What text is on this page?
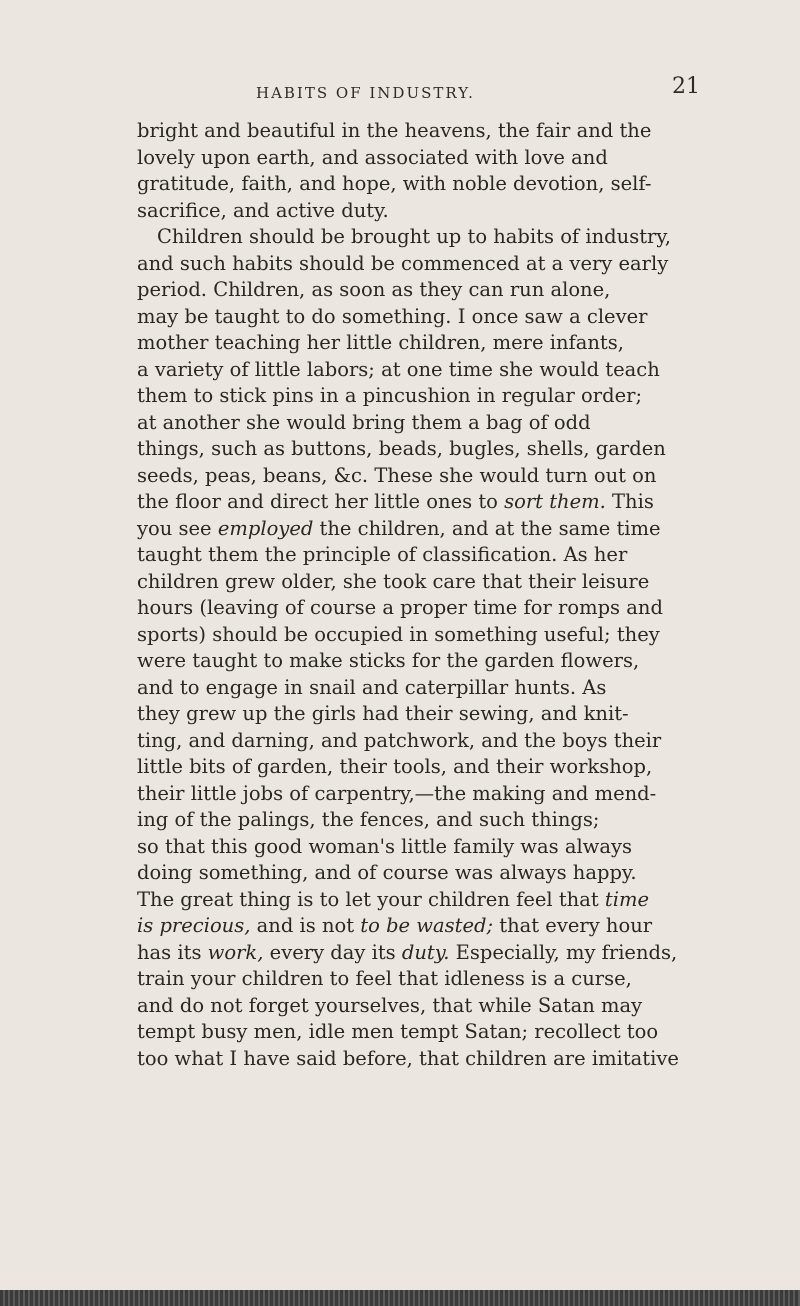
HABITS OF INDUSTRY.	21
bright and beautiful in the heavens, the fair and the
lovely upon earth, and associated with love and
gratitude, faith, and hope, with noble devotion, self-
sacrifice, and active duty.
Children should be brought up to habits of industry,
and such habits should be commenced at a very early
period. Children, as soon as they can run alone,
may be taught to do something. I once saw a clever
mother teaching her little children, mere infants,
a variety of little labors; at one time she would teach
them to stick pins in a pincushion in regular order;
at another she would bring them a bag of odd
things, such as buttons, beads, bugles, shells, garden
seeds, peas, beans, &c. These she would turn out on
the floor and direct her little ones to sort them. This
you see employed the children, and at the same time
taught them the principle of classification. As her
children grew older, she took care that their leisure
hours (leaving of course a proper time for romps and
sports) should be occupied in something useful; they
were taught to make sticks for the garden flowers,
and to engage in snail and caterpillar hunts. As
they grew up the girls had their sewing, and knit-
ting, and darning, and patchwork, and the boys their
little bits of garden, their tools, and their workshop,
their little jobs of carpentry,—the making and mend-
ing of the palings, the fences, and such things;
so that this good woman's little family was always
doing something, and of course was always happy.
The great thing is to let your children feel that time
is precious, and is not to be wasted; that every hour
has its work, every day its duty. Especially, my friends,
train your children to feel that idleness is a curse,
and do not forget yourselves, that while Satan may
tempt busy men, idle men tempt Satan; recollect too
too what I have said before, that children are imitative
